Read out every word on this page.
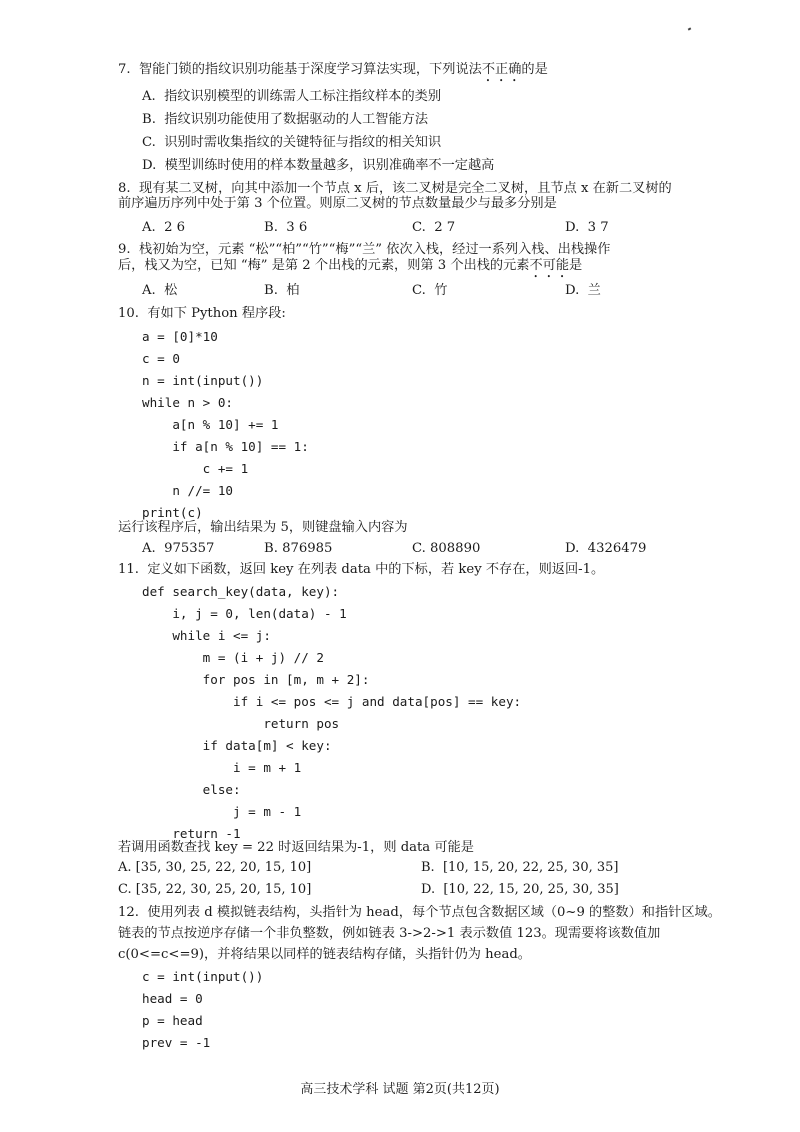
7.  智能门锁的指纹识别功能基于深度学习算法实现，下列说法不正确的是
A.  指纹识别模型的训练需人工标注指纹样本的类别
B.  指纹识别功能使用了数据驱动的人工智能方法
C.  识别时需收集指纹的关键特征与指纹的相关知识
D.  模型训练时使用的样本数量越多，识别准确率不一定越高
8.  现有某二叉树，向其中添加一个节点 x 后，该二叉树是完全二叉树，且节点 x 在新二叉树的
前序遍历序列中处于第 3 个位置。则原二叉树的节点数量最少与最多分别是
A.  2 6	B.  3 6	C.  2 7	D.  3 7
9.  栈初始为空，元素 “松”“柏”“竹”“梅”“兰” 依次入栈，经过一系列入栈、出栈操作
后，栈又为空，已知 “梅” 是第 2 个出栈的元素，则第 3 个出栈的元素不可能是
A.  松	B.  柏	C.  竹	D.  兰
10.  有如下 Python 程序段:
a = [0]*10
c = 0
n = int(input())
while n > 0:
a[n % 10] += 1
if a[n % 10] == 1:
c += 1
n //= 10
print(c)
运行该程序后，输出结果为 5，则键盘输入内容为
A.  975357	B. 876985	C. 808890	D.  4326479
11.  定义如下函数，返回 key 在列表 data 中的下标，若 key 不存在，则返回-1。
def search_key(data, key):
i, j = 0, len(data) - 1
while i <= j:
m = (i + j) // 2
for pos in [m, m + 2]:
if i <= pos <= j and data[pos] == key:
return pos
if data[m] < key:
i = m + 1
else:
j = m - 1
return -1
若调用函数查找 key = 22 时返回结果为-1，则 data 可能是
A. [35, 30, 25, 22, 20, 15, 10]	B.  [10, 15, 20, 22, 25, 30, 35]
C. [35, 22, 30, 25, 20, 15, 10]	D.  [10, 22, 15, 20, 25, 30, 35]
12.  使用列表 d 模拟链表结构，头指针为 head，每个节点包含数据区域（0~9 的整数）和指针区域。
链表的节点按逆序存储一个非负整数，例如链表 3->2->1 表示数值 123。现需要将该数值加
c(0<=c<=9)，并将结果以同样的链表结构存储，头指针仍为 head。
c = int(input())
head = 0
p = head
prev = -1
高三技术学科 试题 第2页(共12页)
